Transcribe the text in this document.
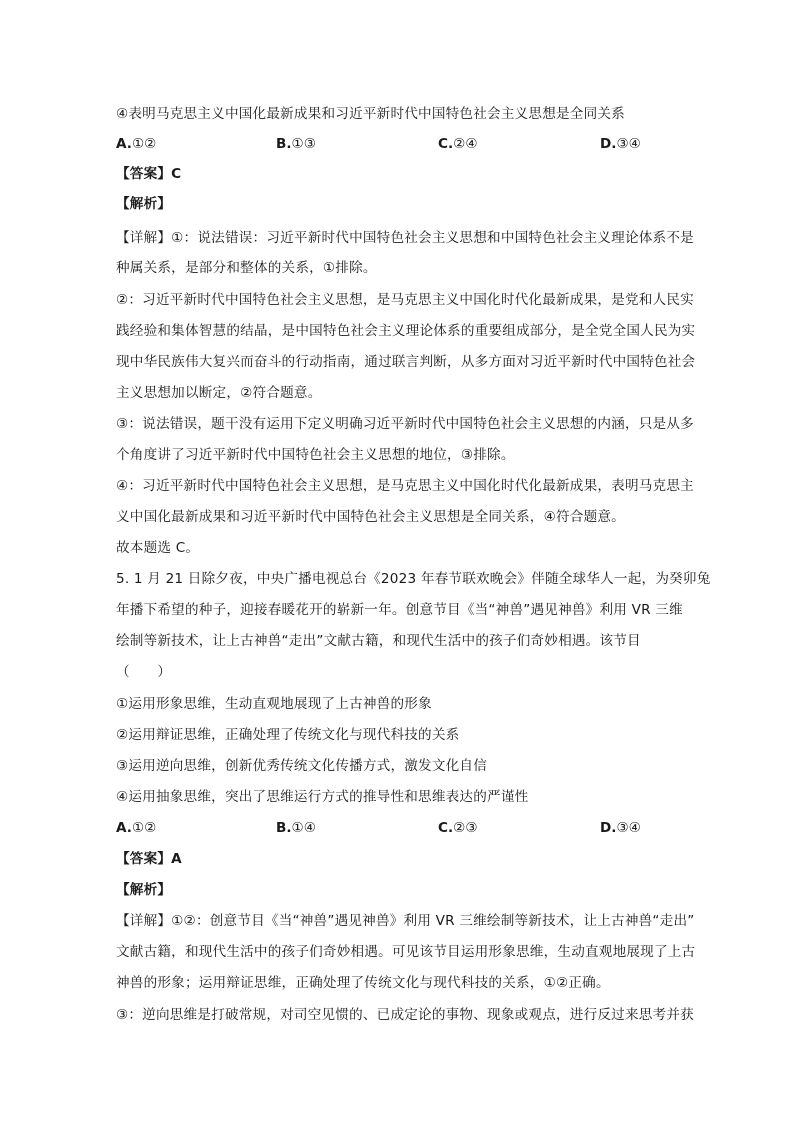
④表明马克思主义中国化最新成果和习近平新时代中国特色社会主义思想是全同关系
A.①②	B.①③	C.②④	D.③④
【答案】C
【解析】
【详解】①：说法错误：习近平新时代中国特色社会主义思想和中国特色社会主义理论体系不是
种属关系，是部分和整体的关系，①排除。
②：习近平新时代中国特色社会主义思想，是马克思主义中国化时代化最新成果，是党和人民实
践经验和集体智慧的结晶，是中国特色社会主义理论体系的重要组成部分，是全党全国人民为实
现中华民族伟大复兴而奋斗的行动指南，通过联言判断，从多方面对习近平新时代中国特色社会
主义思想加以断定，②符合题意。
③：说法错误，题干没有运用下定义明确习近平新时代中国特色社会主义思想的内涵，只是从多
个角度讲了习近平新时代中国特色社会主义思想的地位，③排除。
④：习近平新时代中国特色社会主义思想，是马克思主义中国化时代化最新成果，表明马克思主
义中国化最新成果和习近平新时代中国特色社会主义思想是全同关系，④符合题意。
故本题选 C。
5. 1 月 21 日除夕夜，中央广播电视总台《2023 年春节联欢晚会》伴随全球华人一起，为癸卯兔
年播下希望的种子，迎接春暖花开的崭新一年。创意节目《当“神兽”遇见神兽》利用 VR 三维
绘制等新技术，让上古神兽“走出”文献古籍，和现代生活中的孩子们奇妙相遇。该节目
（　　）
①运用形象思维，生动直观地展现了上古神兽的形象
②运用辩证思维，正确处理了传统文化与现代科技的关系
③运用逆向思维，创新优秀传统文化传播方式，激发文化自信
④运用抽象思维，突出了思维运行方式的推导性和思维表达的严谨性
A.①②	B.①④	C.②③	D.③④
【答案】A
【解析】
【详解】①②：创意节目《当“神兽”遇见神兽》利用 VR 三维绘制等新技术，让上古神兽“走出”
文献古籍，和现代生活中的孩子们奇妙相遇。可见该节目运用形象思维，生动直观地展现了上古
神兽的形象；运用辩证思维，正确处理了传统文化与现代科技的关系，①②正确。
③：逆向思维是打破常规，对司空见惯的、已成定论的事物、现象或观点，进行反过来思考并获
